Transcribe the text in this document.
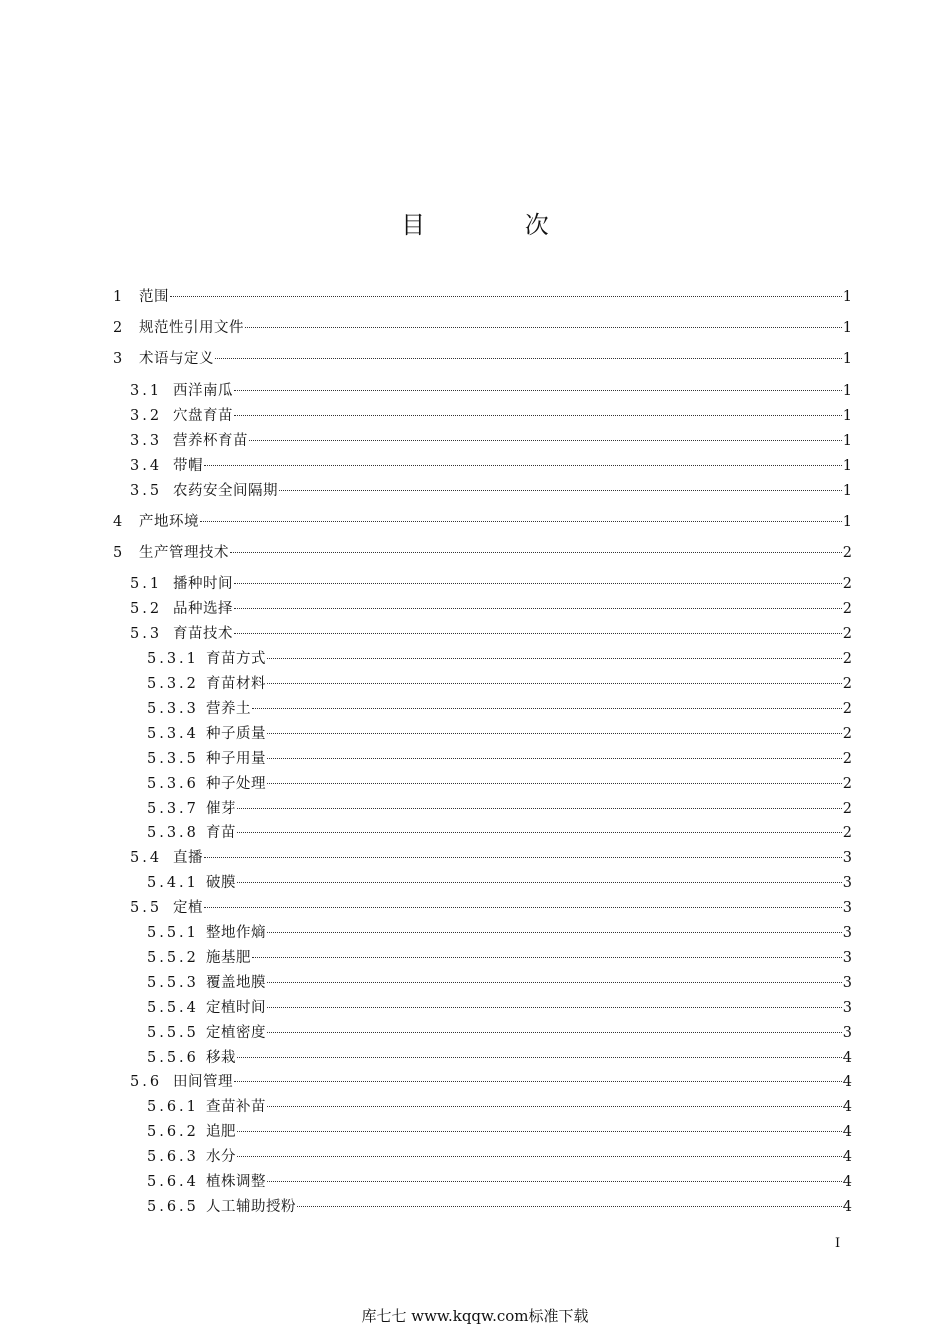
目 次
1 范围	1
2 规范性引用文件	1
3 术语与定义	1
3.1 西洋南瓜	1
3.2 穴盘育苗	1
3.3 营养杯育苗	1
3.4 带帽	1
3.5 农药安全间隔期	1
4 产地环境	1
5 生产管理技术	2
5.1 播种时间	2
5.2 品种选择	2
5.3 育苗技术	2
5.3.1 育苗方式	2
5.3.2 育苗材料	2
5.3.3 营养土	2
5.3.4 种子质量	2
5.3.5 种子用量	2
5.3.6 种子处理	2
5.3.7 催芽	2
5.3.8 育苗	2
5.4 直播	3
5.4.1 破膜	3
5.5 定植	3
5.5.1 整地作熵	3
5.5.2 施基肥	3
5.5.3 覆盖地膜	3
5.5.4 定植时间	3
5.5.5 定植密度	3
5.5.6 移栽	4
5.6 田间管理	4
5.6.1 查苗补苗	4
5.6.2 追肥	4
5.6.3 水分	4
5.6.4 植株调整	4
5.6.5 人工辅助授粉	4
I
库七七 www.kqqw.com标准下载
